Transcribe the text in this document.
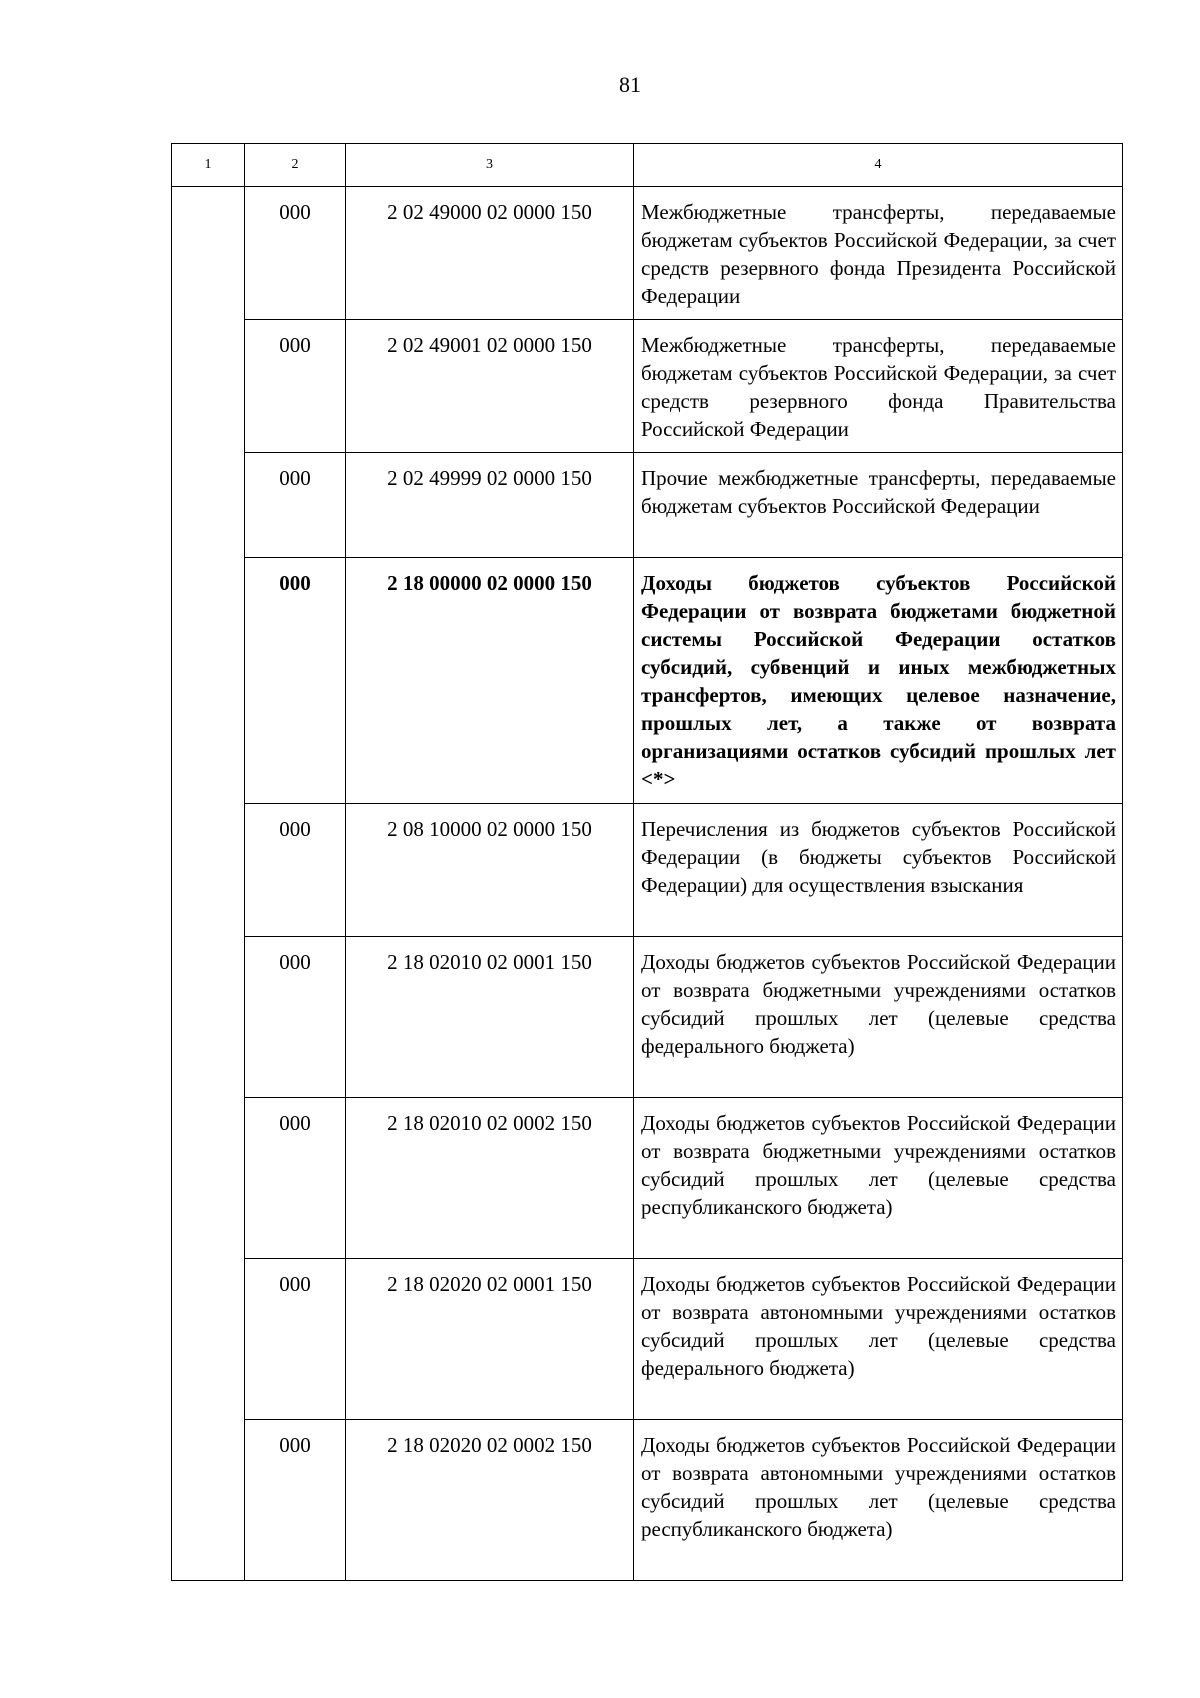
81
1	2	3	4
	000	2 02 49000 02 0000 150	Межбюджетные трансферты, передаваемые бюджетам субъектов Российской Федерации, за счет средств резервного фонда Президента Российской Федерации
	000	2 02 49001 02 0000 150	Межбюджетные трансферты, передаваемые бюджетам субъектов Российской Федерации, за счет средств резервного фонда Правительства Российской Федерации
	000	2 02 49999 02 0000 150	Прочие межбюджетные трансферты, передаваемые бюджетам субъектов Российской Федерации
	000	2 18 00000 02 0000 150	Доходы бюджетов субъектов Российской Федерации от возврата бюджетами бюджетной системы Российской Федерации остатков субсидий, субвенций и иных межбюджетных трансфертов, имеющих целевое назначение, прошлых лет, а также от возврата организациями остатков субсидий прошлых лет <*>
	000	2 08 10000 02 0000 150	Перечисления из бюджетов субъектов Российской Федерации (в бюджеты субъектов Российской Федерации) для осуществления взыскания
	000	2 18 02010 02 0001 150	Доходы бюджетов субъектов Российской Федерации от возврата бюджетными учреждениями остатков субсидий прошлых лет (целевые средства федерального бюджета)
	000	2 18 02010 02 0002 150	Доходы бюджетов субъектов Российской Федерации от возврата бюджетными учреждениями остатков субсидий прошлых лет (целевые средства республиканского бюджета)
	000	2 18 02020 02 0001 150	Доходы бюджетов субъектов Российской Федерации от возврата автономными учреждениями остатков субсидий прошлых лет (целевые средства федерального бюджета)
	000	2 18 02020 02 0002 150	Доходы бюджетов субъектов Российской Федерации от возврата автономными учреждениями остатков субсидий прошлых лет (целевые средства республиканского бюджета)
